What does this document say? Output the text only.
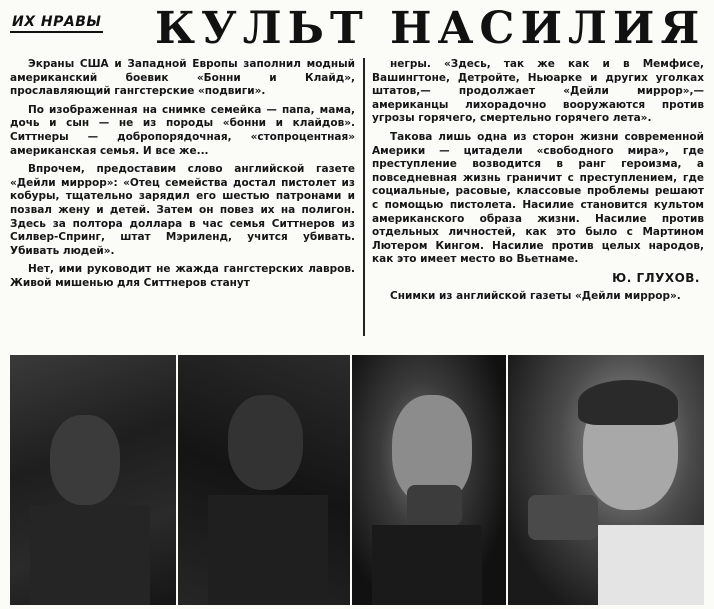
ИХ НРАВЫ КУЛЬТ НАСИЛИЯ

Экраны США и Западной Европы заполнил модный американский боевик «Бонни и Клайд», прославляющий гангстерские «подвиги».

По изображенная на снимке семейка — папа, мама, дочь и сын — не из породы «бонни и клайдов». Ситтнеры — добропорядочная, «стопроцентная» американская семья. И все же...

Впрочем, предоставим слово английской газете «Дейли миррор»: «Отец семейства достал пистолет из кобуры, тщательно зарядил его шестью патронами и позвал жену и детей. Затем он повез их на полигон. Здесь за полтора доллара в час семья Ситтнеров из Силвер-Спринг, штат Мэриленд, учится убивать. Убивать людей».

Нет, ими руководит не жажда гангстерских лавров. Живой мишенью для Ситтнеров станут

негры. «Здесь, так же как и в Мемфисе, Вашингтоне, Детройте, Ньюарке и других уголках штатов,— продолжает «Дейли миррор»,— американцы лихорадочно вооружаются против угрозы горячего, смертельно горячего лета».

Такова лишь одна из сторон жизни современной Америки — цитадели «свободного мира», где преступление возводится в ранг героизма, а повседневная жизнь граничит с преступлением, где социальные, расовые, классовые проблемы решают с помощью пистолета. Насилие становится культом американского образа жизни. Насилие против отдельных личностей, как это было с Мартином Лютером Кингом. Насилие против целых народов, как это имеет место во Вьетнаме.

Ю. ГЛУХОВ.

Снимки из английской газеты «Дейли миррор».
